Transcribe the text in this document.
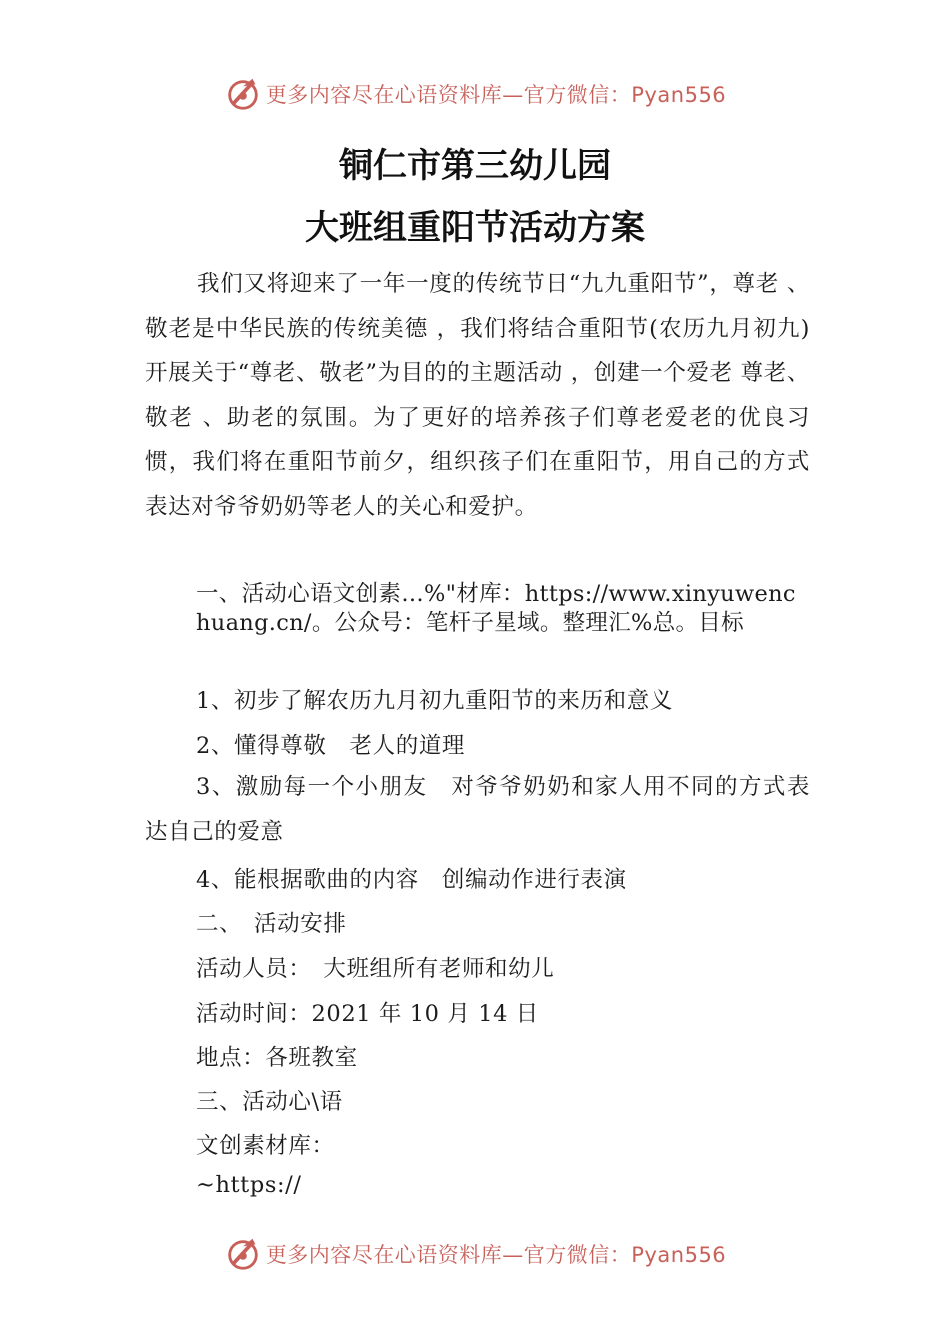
更多内容尽在心语资料库—官方微信：Pyan556
铜仁市第三幼儿园
大班组重阳节活动方案

我们又将迎来了一年一度的传统节日“九九重阳节”，尊老 、敬老是中华民族的传统美德 ，我们将结合重阳节(农历九月初九)开展关于“尊老、敬老”为目的的主题活动 ，创建一个爱老 尊老、敬老 、助老的氛围。为了更好的培养孩子们尊老爱老的优良习惯，我们将在重阳节前夕，组织孩子们在重阳节，用自己的方式表达对爷爷奶奶等老人的关心和爱护。

一、活动心语文创素…%"材库：https://www.xinyuwenchuang.cn/。公众号：笔杆子星域。整理汇%总。目标

1、初步了解农历九月初九重阳节的来历和意义

2、懂得尊敬　老人的道理

3、激励每一个小朋友　对爷爷奶奶和家人用不同的方式表达自己的爱意

4、能根据歌曲的内容　创编动作进行表演

二、　活动安排

活动人员：　大班组所有老师和幼儿

活动时间：2021 年 10 月 14 日

地点：各班教室

三、活动心\语

文创素材库：

~https://

更多内容尽在心语资料库—官方微信：Pyan556
